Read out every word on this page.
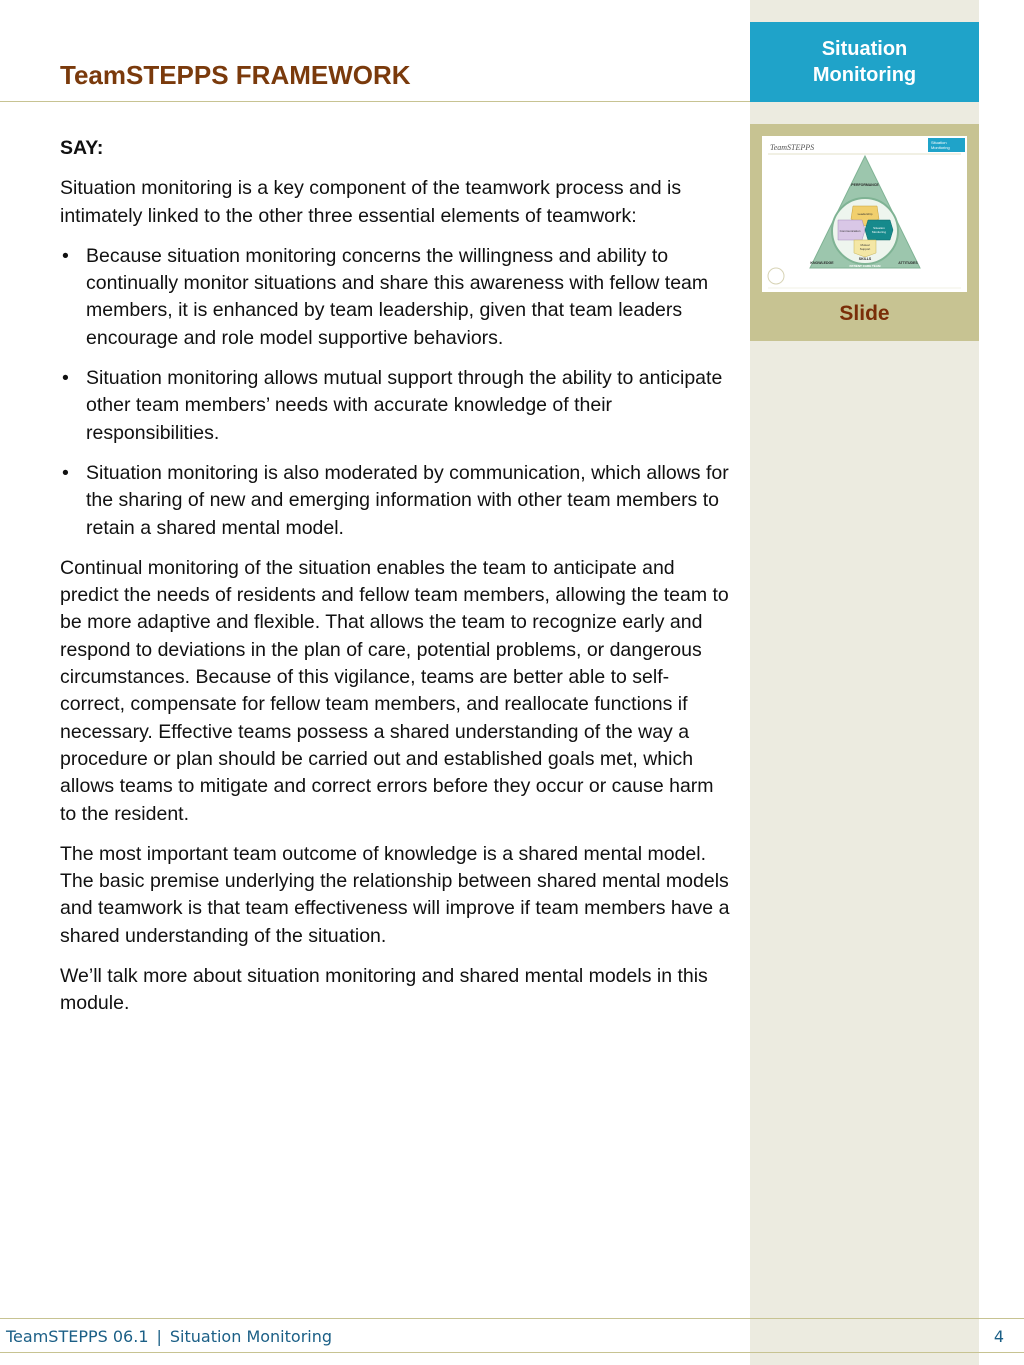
Situation
Monitoring
TeamSTEPPS
Situation
Monitoring
PERFORMANCE
KNOWLEDGE	ATTITUDES
SKILLS
PATIENT CARE TEAM
Leadership
Communication
Situation
Monitoring
Mutual
Support
Slide
TeamSTEPPS FRAMEWORK

SAY:

Situation monitoring is a key component of the teamwork process and is intimately linked to the other three essential elements of teamwork:

• Because situation monitoring concerns the willingness and ability to continually monitor situations and share this awareness with fellow team members, it is enhanced by team leadership, given that team leaders encourage and role model supportive behaviors.
• Situation monitoring allows mutual support through the ability to anticipate other team members’ needs with accurate knowledge of their responsibilities.
• Situation monitoring is also moderated by communication, which allows for the sharing of new and emerging information with other team members to retain a shared mental model.

Continual monitoring of the situation enables the team to anticipate and predict the needs of residents and fellow team members, allowing the team to be more adaptive and flexible. That allows the team to recognize early and respond to deviations in the plan of care, potential problems, or dangerous circumstances. Because of this vigilance, teams are better able to self-correct, compensate for fellow team members, and reallocate functions if necessary. Effective teams possess a shared understanding of the way a procedure or plan should be carried out and established goals met, which allows teams to mitigate and correct errors before they occur or cause harm to the resident.

The most important team outcome of knowledge is a shared mental model. The basic premise underlying the relationship between shared mental models and teamwork is that team effectiveness will improve if team members have a shared understanding of the situation.

We’ll talk more about situation monitoring and shared mental models in this module.

TeamSTEPPS 06.1 | Situation Monitoring	4
